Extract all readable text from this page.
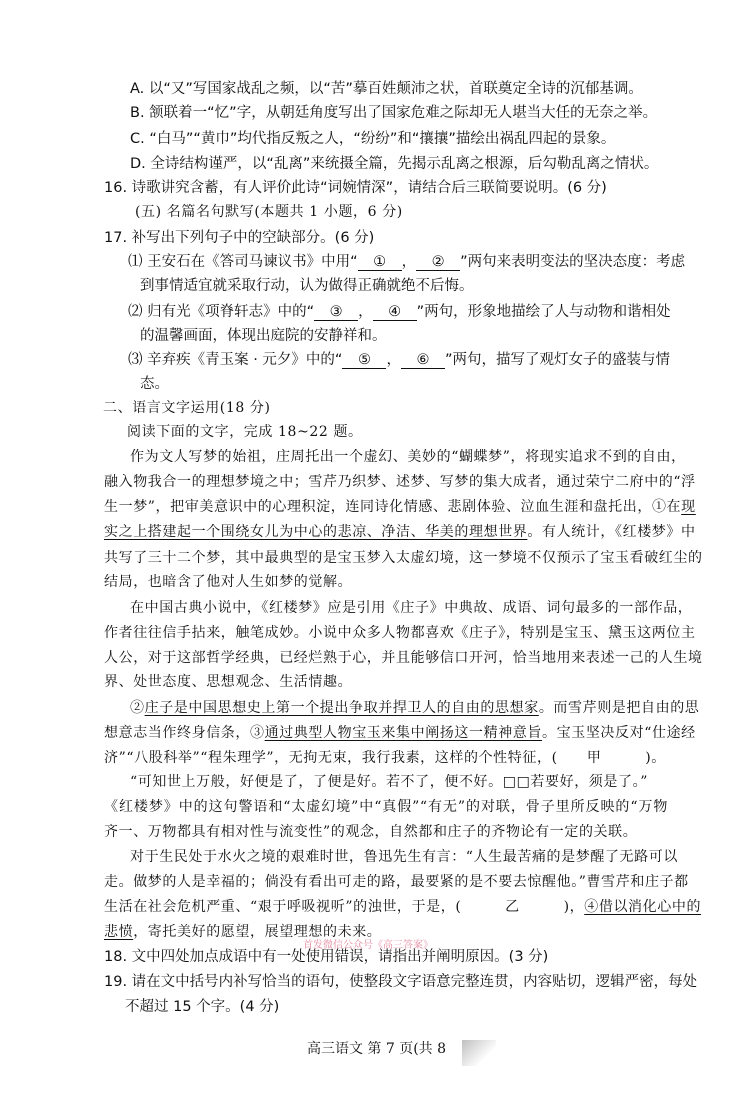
A. 以“又”写国家战乱之频，以“苦”摹百姓颠沛之状，首联奠定全诗的沉郁基调。
B. 颔联着一“忆”字，从朝廷角度写出了国家危难之际却无人堪当大任的无奈之举。
C. “白马”“黄巾”均代指反叛之人，“纷纷”和“攘攘”描绘出祸乱四起的景象。
D. 全诗结构谨严，以“乱离”来统摄全篇，先揭示乱离之根源，后勾勒乱离之情状。
16. 诗歌讲究含蓄，有人评价此诗“词婉情深”，请结合后三联简要说明。(6 分)
(五) 名篇名句默写(本题共 1 小题，6 分)
17. 补写出下列句子中的空缺部分。(6 分)
⑴ 王安石在《答司马谏议书》中用“ ① ， ② ”两句来表明变法的坚决态度：考虑
到事情适宜就采取行动，认为做得正确就绝不后悔。
⑵ 归有光《项脊轩志》中的“ ③ ， ④ ”两句，形象地描绘了人与动物和谐相处
的温馨画面，体现出庭院的安静祥和。
⑶ 辛弃疾《青玉案 · 元夕》中的“ ⑤ ， ⑥ ”两句，描写了观灯女子的盛装与情
态。
二、语言文字运用(18 分)
阅读下面的文字，完成 18~22 题。
作为文人写梦的始祖，庄周托出一个虚幻、美妙的“蝴蝶梦”，将现实追求不到的自由，
融入物我合一的理想梦境之中；雪芹乃织梦、述梦、写梦的集大成者，通过荣宁二府中的“浮
生一梦”，把审美意识中的心理积淀，连同诗化情感、悲剧体验、泣血生涯和盘托出，①在现
实之上搭建起一个围绕女儿为中心的悲凉、净洁、华美的理想世界。有人统计，《红楼梦》中
共写了三十二个梦，其中最典型的是宝玉梦入太虚幻境，这一梦境不仅预示了宝玉看破红尘的
结局，也暗含了他对人生如梦的觉解。
在中国古典小说中，《红楼梦》应是引用《庄子》中典故、成语、词句最多的一部作品，
作者往往信手拈来，触笔成妙。小说中众多人物都喜欢《庄子》，特别是宝玉、黛玉这两位主
人公，对于这部哲学经典，已经烂熟于心，并且能够信口开河，恰当地用来表述一己的人生境
界、处世态度、思想观念、生活情趣。
②庄子是中国思想史上第一个提出争取并捍卫人的自由的思想家。而雪芹则是把自由的思
想意志当作终身信条，③通过典型人物宝玉来集中阐扬这一精神意旨。宝玉坚决反对“仕途经
济”“八股科举”“程朱理学”，无拘无束，我行我素，这样的个性特征，(　　甲　　　)。
“可知世上万般，好便是了，了便是好。若不了，便不好。□□若要好，须是了。”
《红楼梦》中的这句警语和“太虚幻境”中“真假”“有无”的对联，骨子里所反映的“万物
齐一、万物都具有相对性与流变性”的观念，自然都和庄子的齐物论有一定的关联。
对于生民处于水火之境的艰难时世，鲁迅先生有言：“人生最苦痛的是梦醒了无路可以
走。做梦的人是幸福的；倘没有看出可走的路，最要紧的是不要去惊醒他。”曹雪芹和庄子都
生活在社会危机严重、“艰于呼吸视听”的浊世，于是，(　　　乙　　　)，④借以消化心中的
悲愤，寄托美好的愿望，展望理想的未来。
18. 文中四处加点成语中有一处使用错误，请指出并阐明原因。(3 分)
19. 请在文中括号内补写恰当的语句，使整段文字语意完整连贯，内容贴切，逻辑严密，每处
不超过 15 个字。(4 分)
首发微信公众号《高三答案》
高三语文 第 7 页(共 8
